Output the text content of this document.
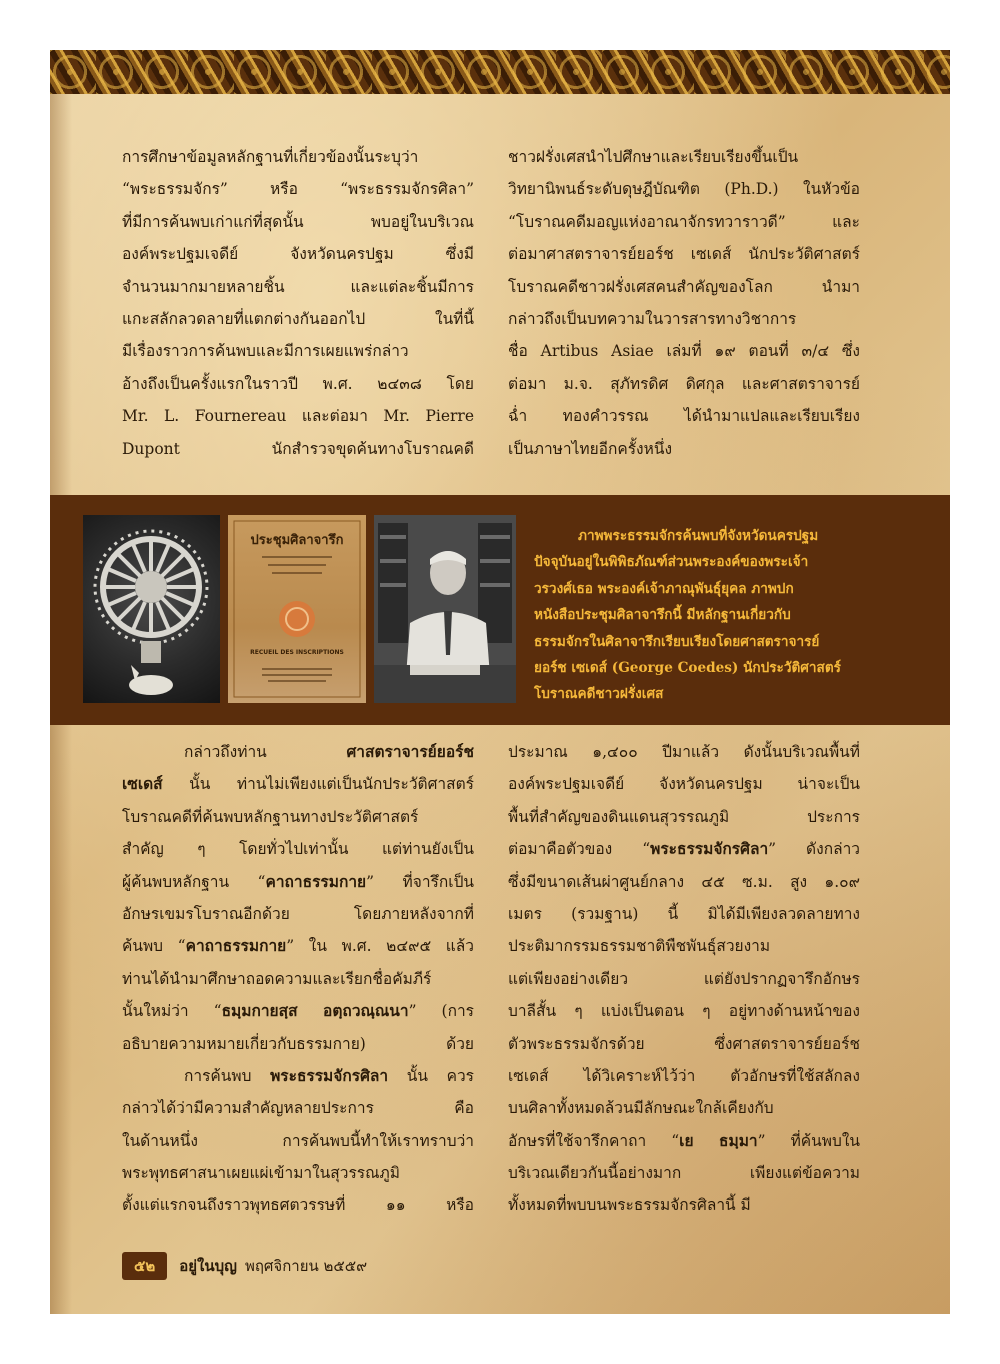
การศึกษาข้อมูลหลักฐานที่เกี่ยวข้องนั้นระบุว่า
“พระธรรมจักร” หรือ “พระธรรมจักรศิลา”
ที่มีการค้นพบเก่าแก่ที่สุดนั้น พบอยู่ในบริเวณ
องค์พระปฐมเจดีย์ จังหวัดนครปฐม ซึ่งมี
จำนวนมากมายหลายชิ้น และแต่ละชิ้นมีการ
แกะสลักลวดลายที่แตกต่างกันออกไป ในที่นี้
มีเรื่องราวการค้นพบและมีการเผยแพร่กล่าว
อ้างถึงเป็นครั้งแรกในราวปี พ.ศ. ๒๔๓๘ โดย
Mr. L. Fournereau และต่อมา Mr. Pierre
Dupont นักสำรวจขุดค้นทางโบราณคดี
ชาวฝรั่งเศสนำไปศึกษาและเรียบเรียงขึ้นเป็น
วิทยานิพนธ์ระดับดุษฎีบัณฑิต (Ph.D.) ในหัวข้อ
“โบราณคดีมอญแห่งอาณาจักรทวาราวดี” และ
ต่อมาศาสตราจารย์ยอร์ช เซเดส์ นักประวัติศาสตร์
โบราณคดีชาวฝรั่งเศสคนสำคัญของโลก นำมา
กล่าวถึงเป็นบทความในวารสารทางวิชาการ
ชื่อ Artibus Asiae เล่มที่ ๑๙ ตอนที่ ๓/๔ ซึ่ง
ต่อมา ม.จ. สุภัทรดิศ ดิศกุล และศาสตราจารย์
ฉ่ำ ทองคำวรรณ ได้นำมาแปลและเรียบเรียง
เป็นภาษาไทยอีกครั้งหนึ่ง
ประชุมศิลาจารึก
RECUEIL DES INSCRIPTIONS
ภาพพระธรรมจักรค้นพบที่จังหวัดนครปฐม
ปัจจุบันอยู่ในพิพิธภัณฑ์ส่วนพระองค์ของพระเจ้า
วรวงศ์เธอ พระองค์เจ้าภาณุพันธุ์ยุคล ภาพปก
หนังสือประชุมศิลาจารึกนี้ มีหลักฐานเกี่ยวกับ
ธรรมจักรในศิลาจารึกเรียบเรียงโดยศาสตราจารย์
ยอร์ช เซเดส์ (George Coedes) นักประวัติศาสตร์
โบราณคดีชาวฝรั่งเศส
กล่าวถึงท่าน ศาสตราจารย์ยอร์ช
เซเดส์ นั้น ท่านไม่เพียงแต่เป็นนักประวัติศาสตร์
โบราณคดีที่ค้นพบหลักฐานทางประวัติศาสตร์
สำคัญ ๆ โดยทั่วไปเท่านั้น แต่ท่านยังเป็น
ผู้ค้นพบหลักฐาน “คาถาธรรมกาย” ที่จารึกเป็น
อักษรเขมรโบราณอีกด้วย โดยภายหลังจากที่
ค้นพบ “คาถาธรรมกาย” ใน พ.ศ. ๒๔๙๕ แล้ว
ท่านได้นำมาศึกษาถอดความและเรียกชื่อคัมภีร์
นั้นใหม่ว่า “ธมฺมกายสฺส อตฺถวณฺณนา” (การ
อธิบายความหมายเกี่ยวกับธรรมกาย) ด้วย
การค้นพบ พระธรรมจักรศิลา นั้น ควร
กล่าวได้ว่ามีความสำคัญหลายประการ คือ
ในด้านหนึ่ง การค้นพบนี้ทำให้เราทราบว่า
พระพุทธศาสนาเผยแผ่เข้ามาในสุวรรณภูมิ
ตั้งแต่แรกจนถึงราวพุทธศตวรรษที่ ๑๑ หรือ
ประมาณ ๑,๔๐๐ ปีมาแล้ว ดังนั้นบริเวณพื้นที่
องค์พระปฐมเจดีย์ จังหวัดนครปฐม น่าจะเป็น
พื้นที่สำคัญของดินแดนสุวรรณภูมิ ประการ
ต่อมาคือตัวของ “พระธรรมจักรศิลา” ดังกล่าว
ซึ่งมีขนาดเส้นผ่าศูนย์กลาง ๔๕ ซ.ม. สูง ๑.๐๙
เมตร (รวมฐาน) นี้ มิได้มีเพียงลวดลายทาง
ประติมากรรมธรรมชาติพืชพันธุ์สวยงาม
แต่เพียงอย่างเดียว แต่ยังปรากฏจารึกอักษร
บาลีสั้น ๆ แบ่งเป็นตอน ๆ อยู่ทางด้านหน้าของ
ตัวพระธรรมจักรด้วย ซึ่งศาสตราจารย์ยอร์ช
เซเดส์ ได้วิเคราะห์ไว้ว่า ตัวอักษรที่ใช้สลักลง
บนศิลาทั้งหมดล้วนมีลักษณะใกล้เคียงกับ
อักษรที่ใช้จารึกคาถา “เย ธมฺมา” ที่ค้นพบใน
บริเวณเดียวกันนี้อย่างมาก เพียงแต่ข้อความ
ทั้งหมดที่พบบนพระธรรมจักรศิลานี้ มี
๕๒	อยู่ในบุญ พฤศจิกายน ๒๕๕๙
